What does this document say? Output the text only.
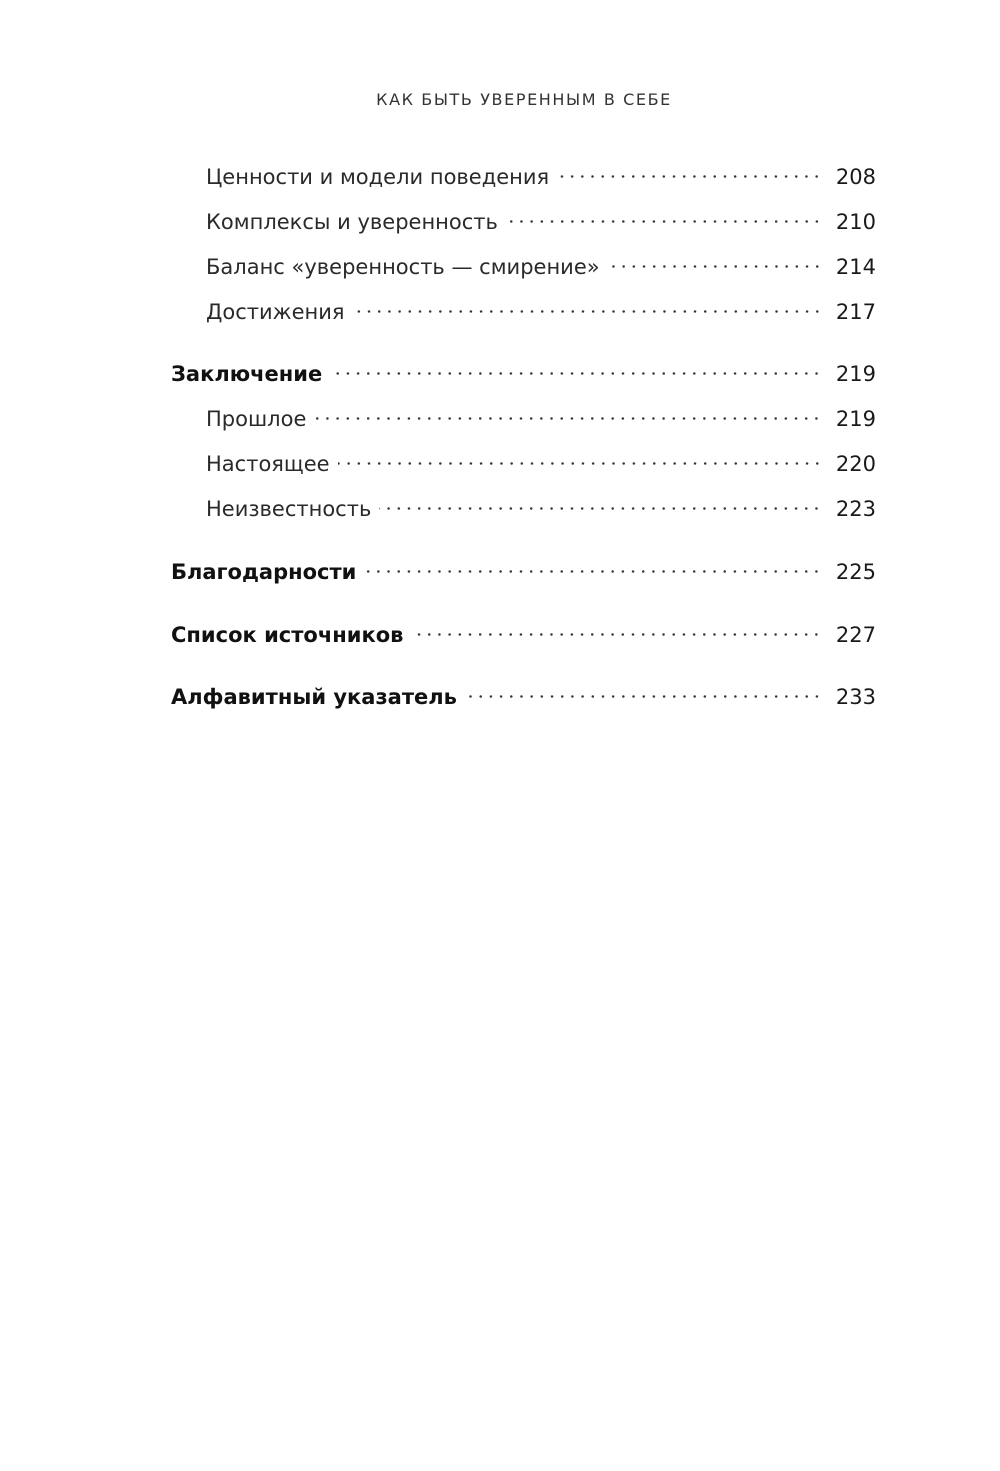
КАК БЫТЬ УВЕРЕННЫМ В СЕБЕ
Ценности и модели поведения	208
Комплексы и уверенность	210
Баланс «уверенность — смирение»	214
Достижения	217
Заключение	219
Прошлое	219
Настоящее	220
Неизвестность	223
Благодарности	225
Список источников	227
Алфавитный указатель	233
